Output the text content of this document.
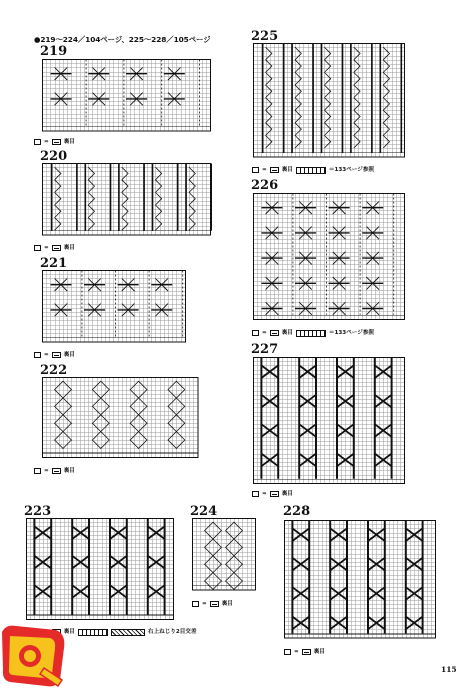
●219〜224／104ページ、225〜228／105ページ
219
=	裏目
220
=	裏目
221
=	裏目
222
=	裏目
223
裏目	右上ねじり2目交差
224
=	裏目
225
=	裏目	＝133ページ参照
226
=	裏目	＝133ページ参照
227
=	裏目
228
=	裏目
115
